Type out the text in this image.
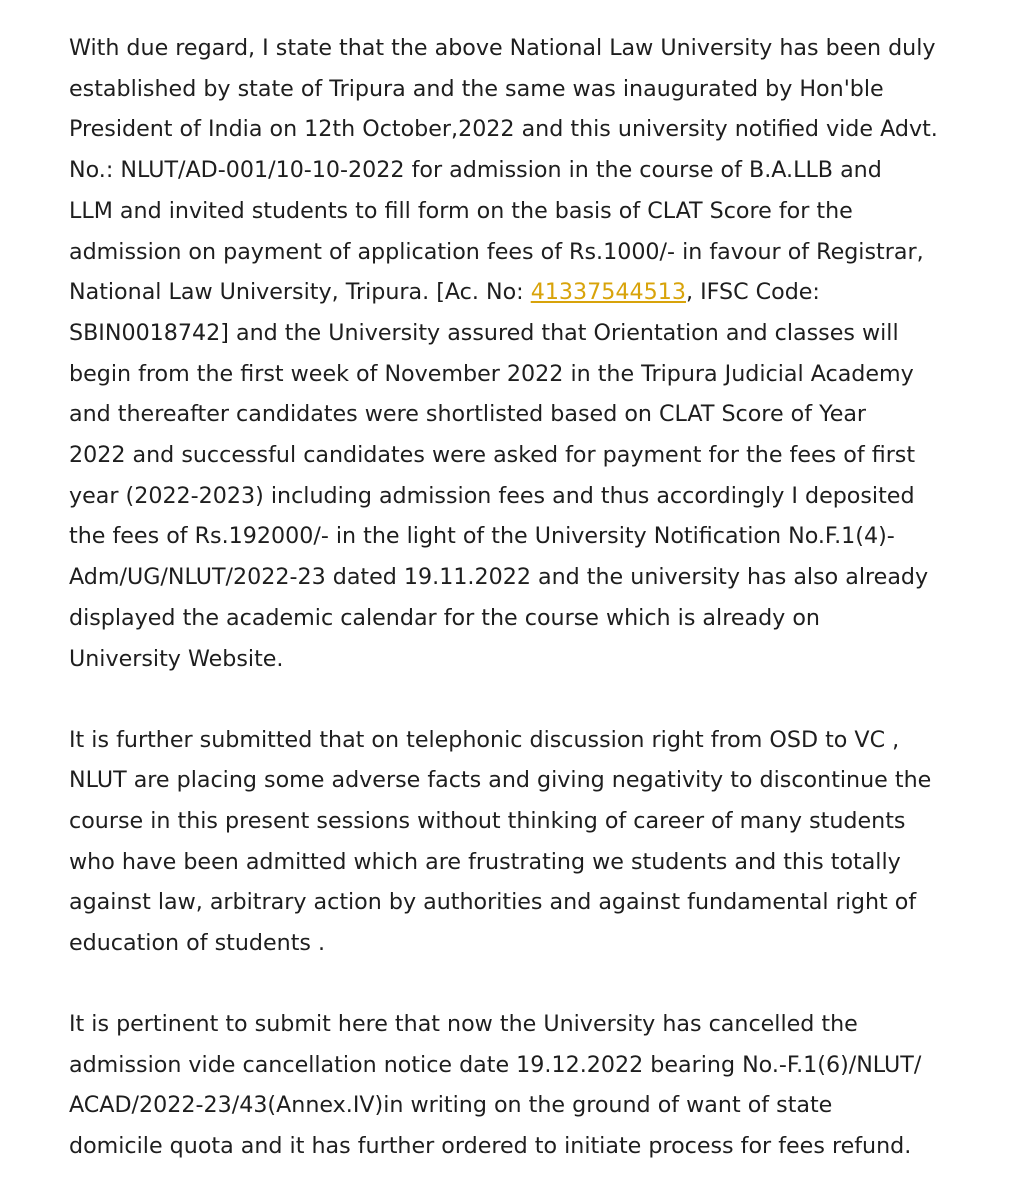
With due regard, I state that the above National Law University has been duly

established by state of Tripura and the same was inaugurated by Hon'ble

President of India on 12th October,2022 and this university notified vide Advt.

No.: NLUT/AD-001/10-10-2022 for admission in the course of B.A.LLB and

LLM and invited students to fill form on the basis of CLAT Score for the

admission on payment of application fees of Rs.1000/- in favour of Registrar,

National Law University, Tripura. [Ac. No: 41337544513, IFSC Code:

SBIN0018742] and the University assured that Orientation and classes will

begin from the first week of November 2022 in the Tripura Judicial Academy

and thereafter candidates were shortlisted based on CLAT Score of Year

2022 and successful candidates were asked for payment for the fees of first

year (2022-2023) including admission fees and thus accordingly I deposited

the fees of Rs.192000/- in the light of the University Notification No.F.1(4)-

Adm/UG/NLUT/2022-23 dated 19.11.2022 and the university has also already

displayed the academic calendar for the course which is already on

University Website.

It is further submitted that on telephonic discussion right from OSD to VC ,

NLUT are placing some adverse facts and giving negativity to discontinue the

course in this present sessions without thinking of career of many students

who have been admitted which are frustrating we students and this totally

against law, arbitrary action by authorities and against fundamental right of

education of students .

It is pertinent to submit here that now the University has cancelled the

admission vide cancellation notice date 19.12.2022 bearing No.-F.1(6)/NLUT/

ACAD/2022-23/43(Annex.IV)in writing on the ground of want of state

domicile quota and it has further ordered to initiate process for fees refund.
